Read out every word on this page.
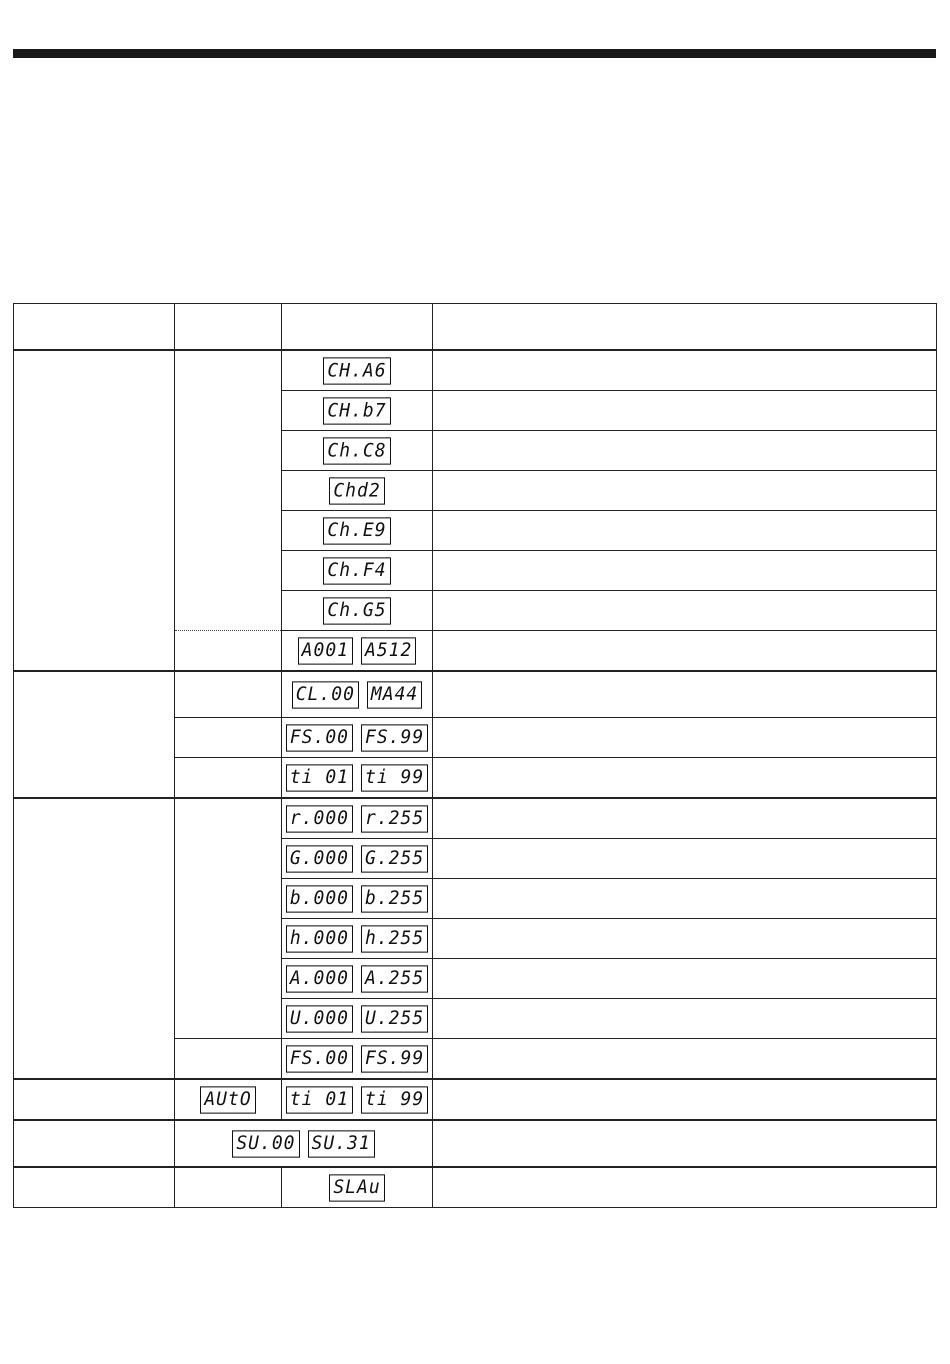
		CH.A6	
		CH.b7	
		Ch.C8	
		Chd2	
		Ch.E9	
		Ch.F4	
		Ch.G5	
		A001 A512	
		CL.00 MA44	
		FS.00 FS.99	
		ti 01 ti 99	
		r.000 r.255	
		G.000 G.255	
		b.000 b.255	
		h.000 h.255	
		A.000 A.255	
		U.000 U.255	
		FS.00 FS.99	
	AUtO	ti 01 ti 99	
	SU.00 SU.31		
		SLAu	
